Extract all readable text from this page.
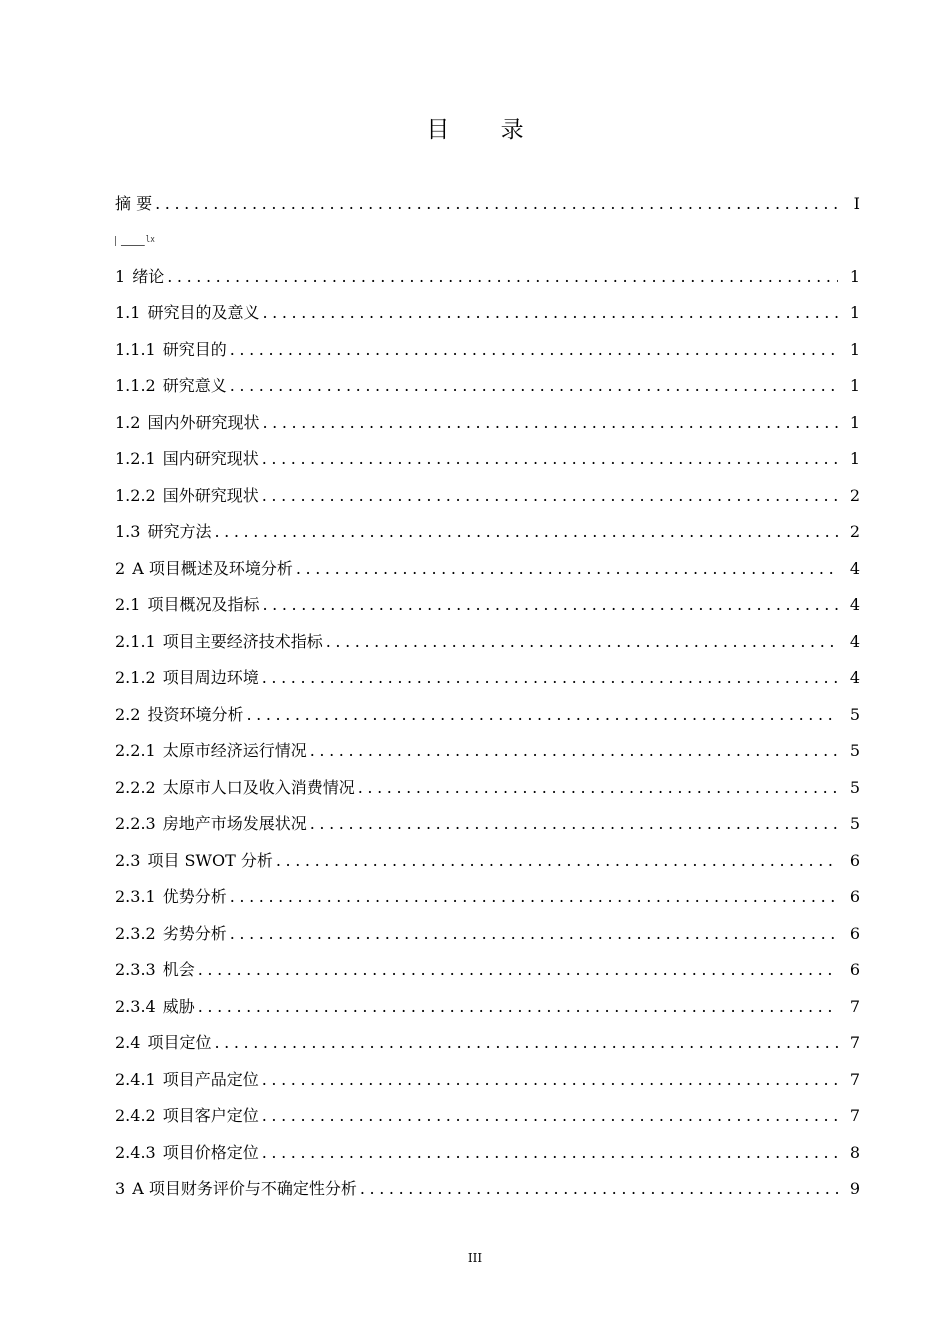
目 录
摘 要 .....	I
lx
1 绪论 .....	1
1.1 研究目的及意义 .....	1
1.1.1 研究目的 .....	1
1.1.2 研究意义 .....	1
1.2 国内外研究现状 .....	1
1.2.1 国内研究现状 .....	1
1.2.2 国外研究现状 .....	2
1.3 研究方法 .....	2
2 A 项目概述及环境分析 .....	4
2.1 项目概况及指标 .....	4
2.1.1 项目主要经济技术指标 .....	4
2.1.2 项目周边环境 .....	4
2.2 投资环境分析 .....	5
2.2.1 太原市经济运行情况 .....	5
2.2.2 太原市人口及收入消费情况 .....	5
2.2.3 房地产市场发展状况 .....	5
2.3 项目 SWOT 分析 .....	6
2.3.1 优势分析 .....	6
2.3.2 劣势分析 .....	6
2.3.3 机会 .....	6
2.3.4 威胁 .....	7
2.4 项目定位 .....	7
2.4.1 项目产品定位 .....	7
2.4.2 项目客户定位 .....	7
2.4.3 项目价格定位 .....	8
3 A 项目财务评价与不确定性分析 .....	9
III
